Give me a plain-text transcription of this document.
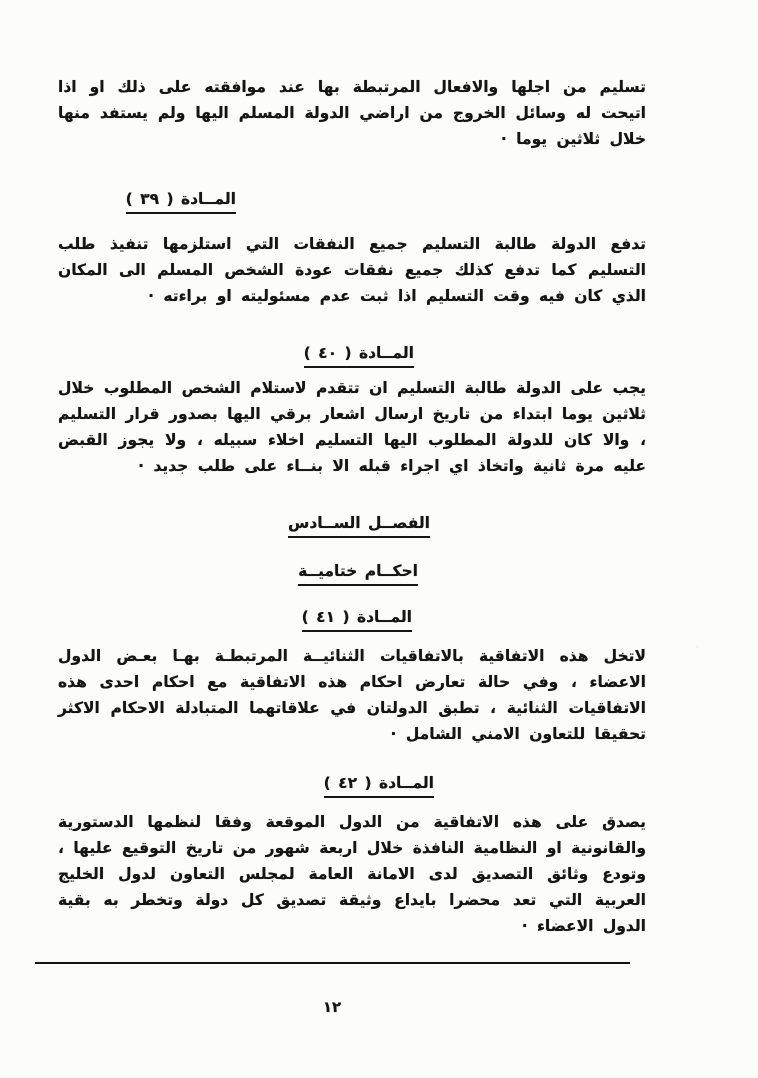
تسليم من اجلها والافعال المرتبطة بها عند موافقته على ذلك او اذا اتيحت له وسائل الخروج من اراضي الدولة المسلم اليها ولم يستفد منها خلال ثلاثين يوما ·

المــادة ( ٣٩ )

تدفع الدولة طالبة التسليم جميع النفقات التي استلزمها تنفيذ طلب التسليم كما تدفع كذلك جميع نفقات عودة الشخص المسلم الى المكان الذي كان فيه وقت التسليم اذا ثبت عدم مسئوليته او براءته ·

المــادة ( ٤٠ )

يجب على الدولة طالبة التسليم ان تتقدم لاستلام الشخص المطلوب خلال ثلاثين يوما ابتداء من تاريخ ارسال اشعار برقي اليها بصدور قرار التسليم ، والا كان للدولة المطلوب اليها التسليم اخلاء سبيله ، ولا يجوز القبض عليه مرة ثانية واتخاذ اي اجراء قبله الا بنــاء على طلب جديد ·

الفصــل الســادس
احكــام ختاميــة
المــادة ( ٤١ )

لاتخل هذه الاتفاقية بالاتفاقيات الثنائيــة المرتبطـة بهـا بعـض الدول الاعضاء ، وفي حالة تعارض احكام هذه الاتفاقية مع احكام احدى هذه الاتفاقيات الثنائية ، تطبق الدولتان في علاقاتهما المتبادلة الاحكام الاكثر تحقيقا للتعاون الامني الشامل ·

المــادة ( ٤٢ )

يصدق على هذه الاتفاقية من الدول الموقعة وفقا لنظمها الدستورية والقانونية او النظامية النافذة خلال اربعة شهور من تاريخ التوقيع عليها ، وتودع وثائق التصديق لدى الامانة العامة لمجلس التعاون لدول الخليج العربية التي تعد محضرا بايداع وثيقة تصديق كل دولة وتخطر به بقية الدول الاعضاء ·

١٢
